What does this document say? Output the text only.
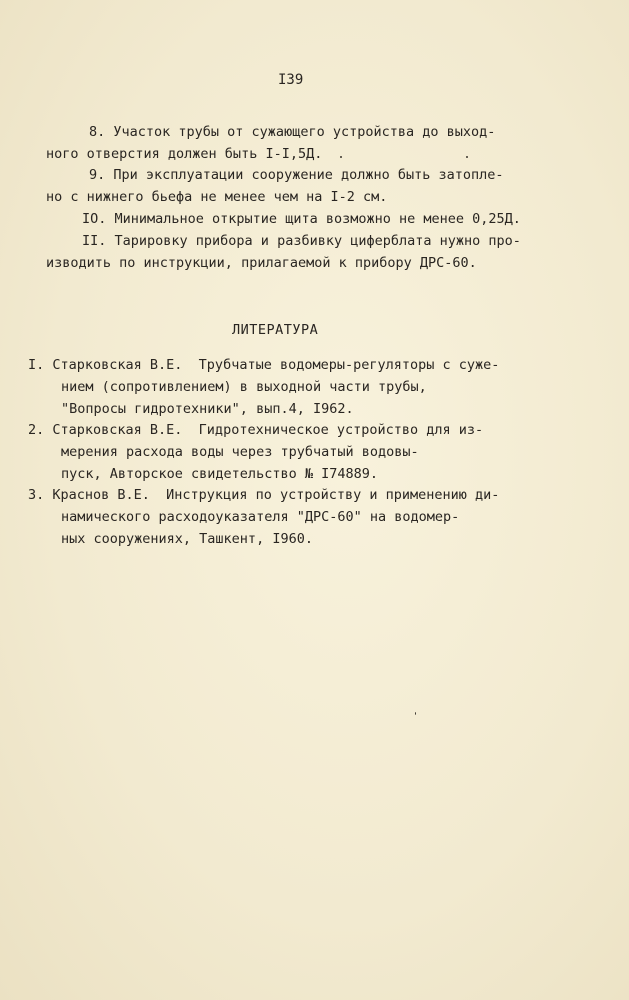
I39
8. Участок трубы от сужающего устройства до выход-
ного отверстия должен быть I-I,5Д.
9. При эксплуатации сооружение должно быть затопле-
но с нижнего бьефа не менее чем на I-2 см.
IO. Минимальное открытие щита возможно не менее 0,25Д.
II. Тарировку прибора и разбивку циферблата нужно про-
изводить по инструкции, прилагаемой к прибору ДРС-60.
ЛИТЕРАТУРА
I. Старковская В.Е.  Трубчатые водомеры-регуляторы с суже-
нием (сопротивлением) в выходной части трубы,
"Вопросы гидротехники", вып.4, I962.
2. Старковская В.Е.  Гидротехническое устройство для из-
мерения расхода воды через трубчатый водовы-
пуск, Авторское свидетельство № I74889.
3. Краснов В.Е.  Инструкция по устройству и применению ди-
намического расходоуказателя "ДРС-60" на водомер-
ных сооружениях, Ташкент, I960.
